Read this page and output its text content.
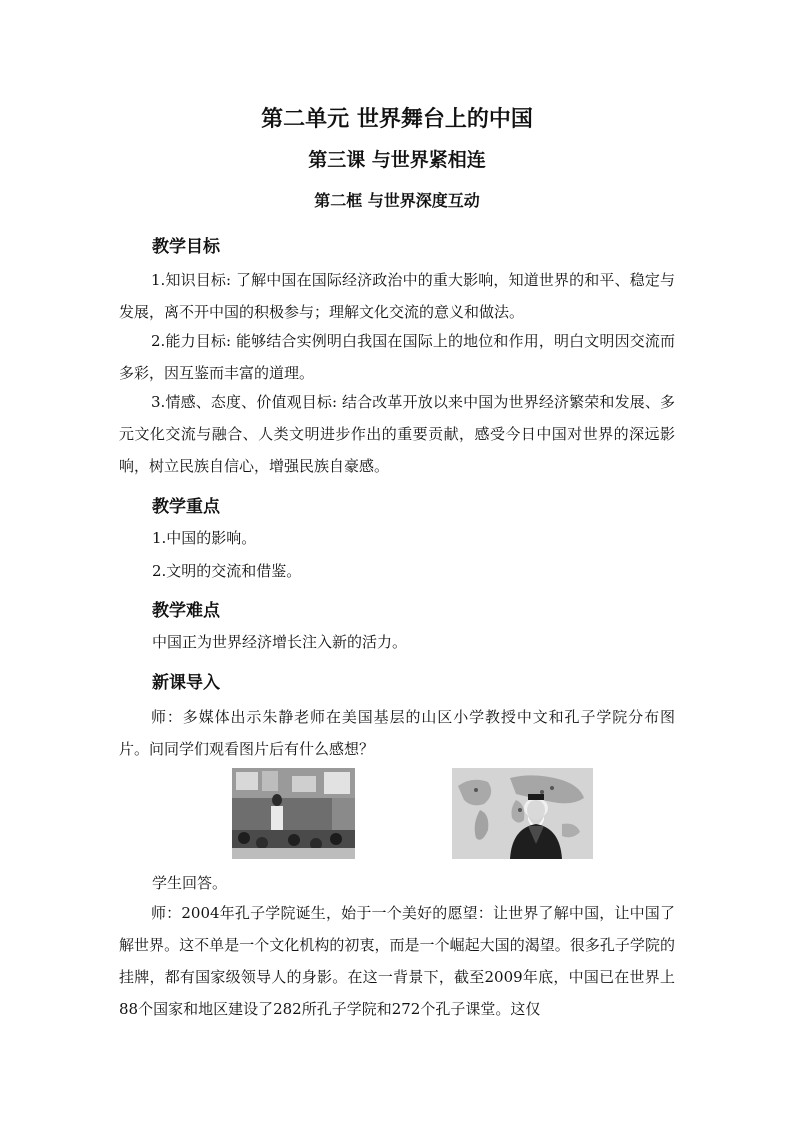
第二单元 世界舞台上的中国
第三课 与世界紧相连
第二框 与世界深度互动
教学目标

1.知识目标: 了解中国在国际经济政治中的重大影响，知道世界的和平、稳定与发展，离不开中国的积极参与；理解文化交流的意义和做法。

2.能力目标: 能够结合实例明白我国在国际上的地位和作用，明白文明因交流而多彩，因互鉴而丰富的道理。

3.情感、态度、价值观目标: 结合改革开放以来中国为世界经济繁荣和发展、多元文化交流与融合、人类文明进步作出的重要贡献，感受今日中国对世界的深远影响，树立民族自信心，增强民族自豪感。

教学重点

1.中国的影响。

2.文明的交流和借鉴。

教学难点

中国正为世界经济增长注入新的活力。

新课导入

师：多媒体出示朱静老师在美国基层的山区小学教授中文和孔子学院分布图片。问同学们观看图片后有什么感想？

学生回答。

师：2004年孔子学院诞生，始于一个美好的愿望：让世界了解中国，让中国了解世界。这不单是一个文化机构的初衷，而是一个崛起大国的渴望。很多孔子学院的挂牌，都有国家级领导人的身影。在这一背景下，截至2009年底，中国已在世界上88个国家和地区建设了282所孔子学院和272个孔子课堂。这仅
